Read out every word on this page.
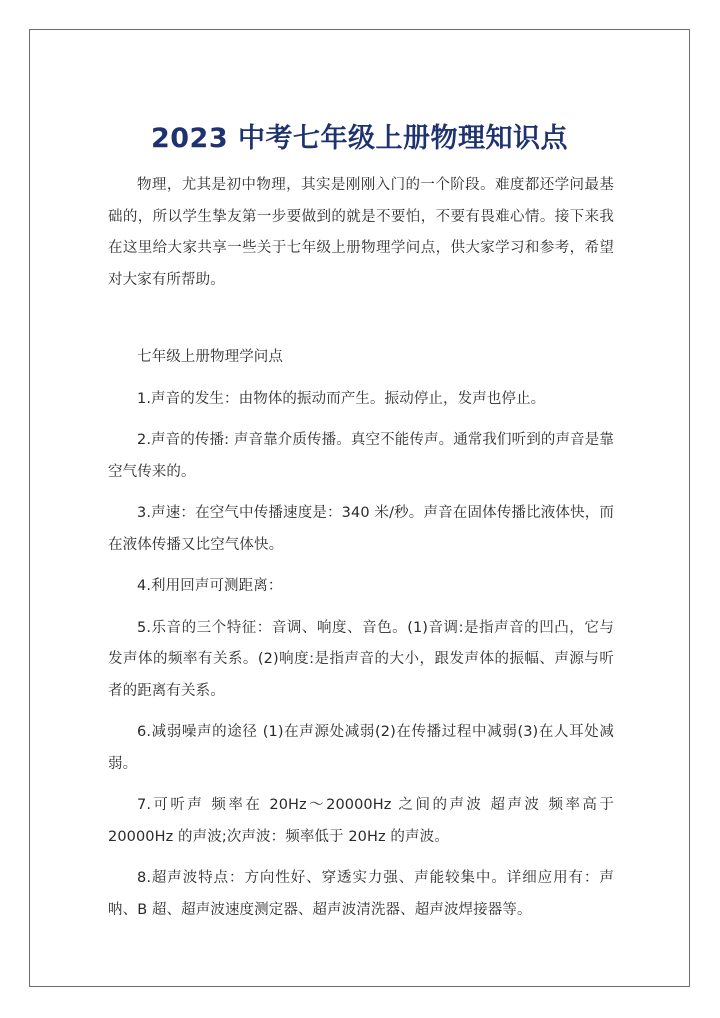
2023 中考七年级上册物理知识点

物理，尤其是初中物理，其实是刚刚入门的一个阶段。难度都还学问最基础的，所以学生挚友第一步要做到的就是不要怕，不要有畏难心情。接下来我在这里给大家共享一些关于七年级上册物理学问点，供大家学习和参考，希望对大家有所帮助。

七年级上册物理学问点

1.声音的发生：由物体的振动而产生。振动停止，发声也停止。

2.声音的传播: 声音靠介质传播。真空不能传声。通常我们听到的声音是靠空气传来的。

3.声速：在空气中传播速度是：340 米/秒。声音在固体传播比液体快，而在液体传播又比空气体快。

4.利用回声可测距离：

5.乐音的三个特征：音调、响度、音色。(1)音调:是指声音的凹凸，它与发声体的频率有关系。(2)响度:是指声音的大小，跟发声体的振幅、声源与听者的距离有关系。

6.减弱噪声的途径 (1)在声源处减弱(2)在传播过程中减弱(3)在人耳处减弱。

7.可听声 频率在 20Hz～20000Hz 之间的声波 超声波 频率高于 20000Hz 的声波;次声波：频率低于 20Hz 的声波。

8.超声波特点：方向性好、穿透实力强、声能较集中。详细应用有：声呐、B 超、超声波速度测定器、超声波清洗器、超声波焊接器等。
